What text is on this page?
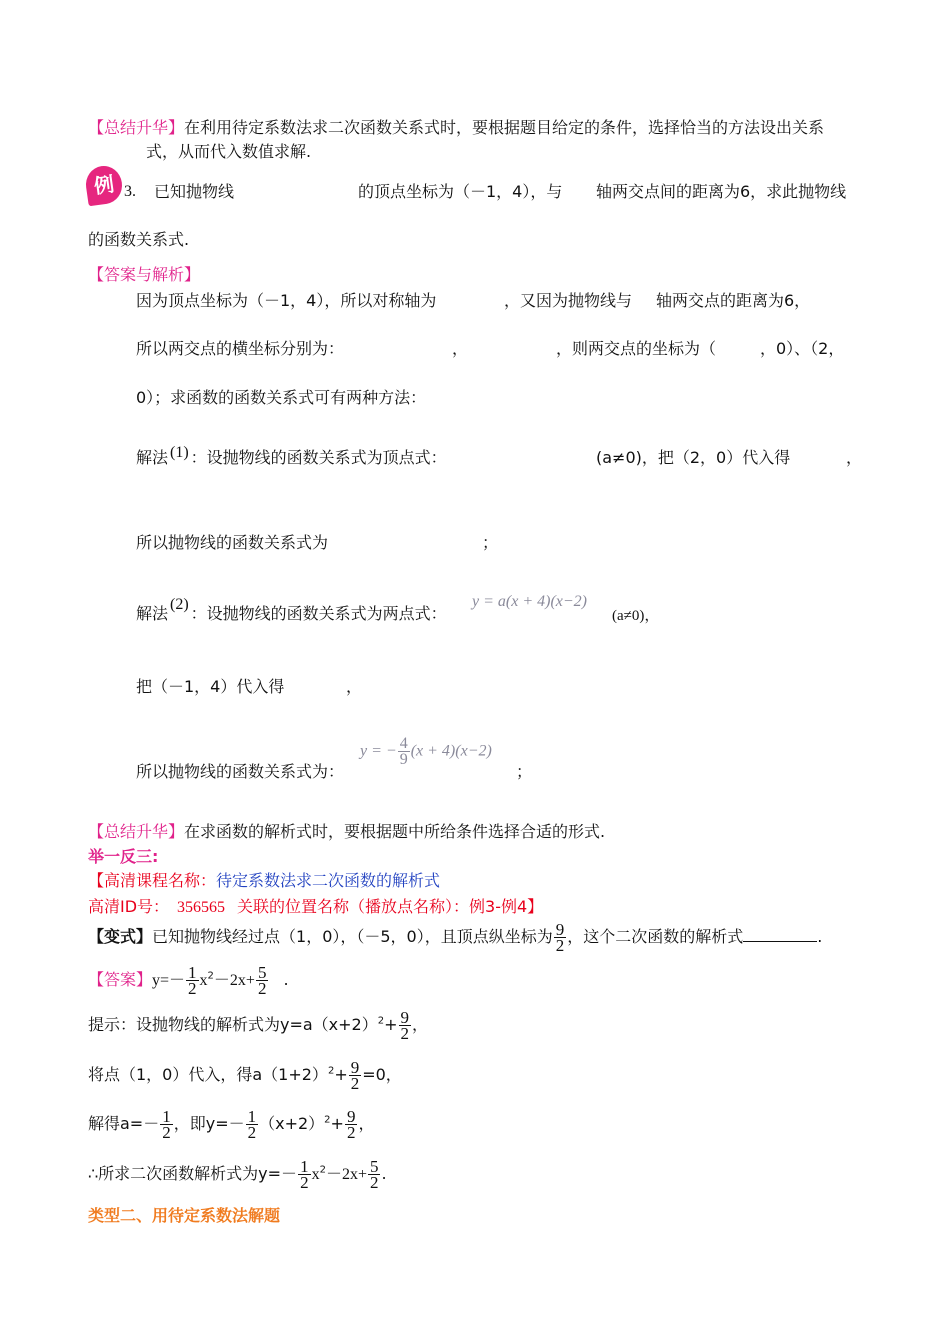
【总结升华】在利用待定系数法求二次函数关系式时，要根据题目给定的条件，选择恰当的方法设出关系
式，从而代入数值求解.
例 3. 已知抛物线	的顶点坐标为（－1，4），与 轴两交点间的距离为6，求此抛物线
的函数关系式.
【答案与解析】
因为顶点坐标为（－1，4），所以对称轴为	，又因为抛物线与 轴两交点的距离为6，
所以两交点的横坐标分别为：	，	，则两交点的坐标为（	，0）、（2，
0）；求函数的函数关系式可有两种方法：
解法 (1) ：设抛物线的函数关系式为顶点式：	(a≠0)，把（2，0）代入得	，
所以抛物线的函数关系式为	；
解法 (2) ：设抛物线的函数关系式为两点式：
y = a(x + 4)(x−2)
(a≠0)，
把（－1，4）代入得	，
所以抛物线的函数关系式为：
y = − $\frac{4}{9} (x + 4)(x-2)$
；
【总结升华】在求函数的解析式时，要根据题中所给条件选择合适的形式.
举一反三:
【高清课程名称：待定系数法求二次函数的解析式
高清ID号： 356565 关联的位置名称（播放点名称）：例3-例4】
【变式】已知抛物线经过点（1，0），（－5，0），且顶点纵坐标为 $\frac{9}{2}$ ，这个二次函数的解析式	.
【答案】$y=- \frac{1}{2} x^2-2x+ \frac{5}{2}$ .
提示：设抛物线的解析式为$y=a(x+2)^2+ \frac{9}{2}$ ，
将点（1，0）代入，得$a(1+2)^2+ \frac{9}{2} =0$，
解得$a=- \frac{1}{2}$ ，即$y=- \frac{1}{2} (x+2)^2+ \frac{9}{2}$ ，
∴所求二次函数解析式为$y=- \frac{1}{2} x^2-2x+ \frac{5}{2}$ .
类型二、用待定系数法解题
